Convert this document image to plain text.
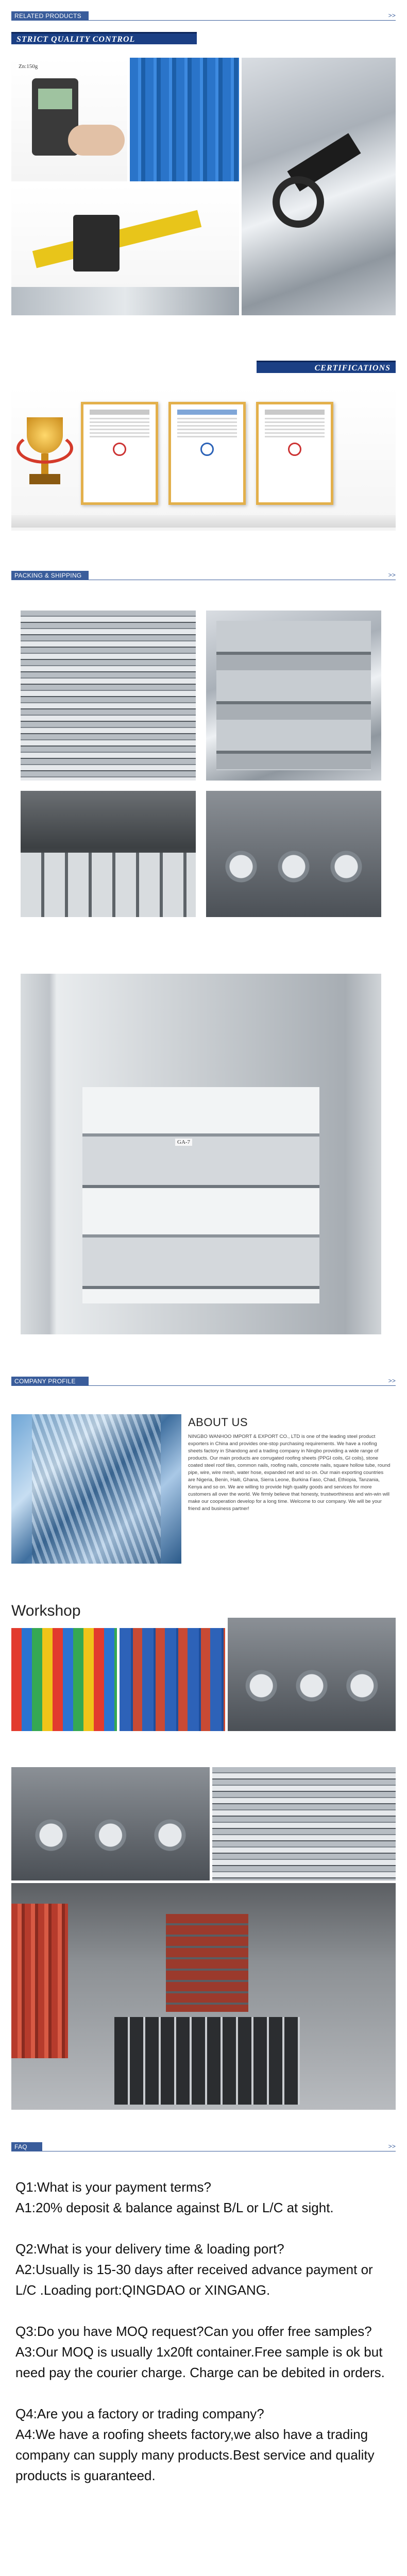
RELATED PRODUCTS	>>
STRICT QUALITY CONTROL
Zn:150g
CERTIFICATIONS
PACKING & SHIPPING	>>
GA-7
COMPANY PROFILE	>>
ABOUT US
NINGBO WANHOO IMPORT & EXPORT CO., LTD is one of the leading steel product exporters in China and provides one-stop purchasing requirements. We have a roofing sheets factory in Shandong and a trading company in Ningbo providing a wide range of products. Our main products are corrugated roofing sheets (PPGI coils, GI coils), stone coated steel roof tiles, common nails, roofing nails, concrete nails, square hollow tube, round pipe, wire, wire mesh, water hose, expanded net and so on. Our main exporting countries are Nigeria, Benin, Haiti, Ghana, Sierra Leone, Burkina Faso, Chad, Ethiopia, Tanzania, Kenya and so on. We are willing to provide high quality goods and services for more customers all over the world. We firmly believe that honesty, trustworthiness and win-win will make our cooperation develop for a long time. Welcome to our company. We will be your friend and business partner!
Workshop
FAQ	>>

Q1:What is your payment terms?

A1:20% deposit & balance against B/L or L/C at sight.

Q2:What is your delivery time & loading port?

A2:Usually is 15-30 days after received advance payment or L/C .Loading port:QINGDAO or XINGANG.

Q3:Do you have MOQ request?Can you offer free samples?

A3:Our MOQ is usually 1x20ft container.Free sample is ok but need pay the courier charge. Charge can be debited in orders.

Q4:Are you a factory or trading company?

A4:We have a roofing sheets factory,we also have a trading company can supply many products.Best service and quality products is guaranteed.
